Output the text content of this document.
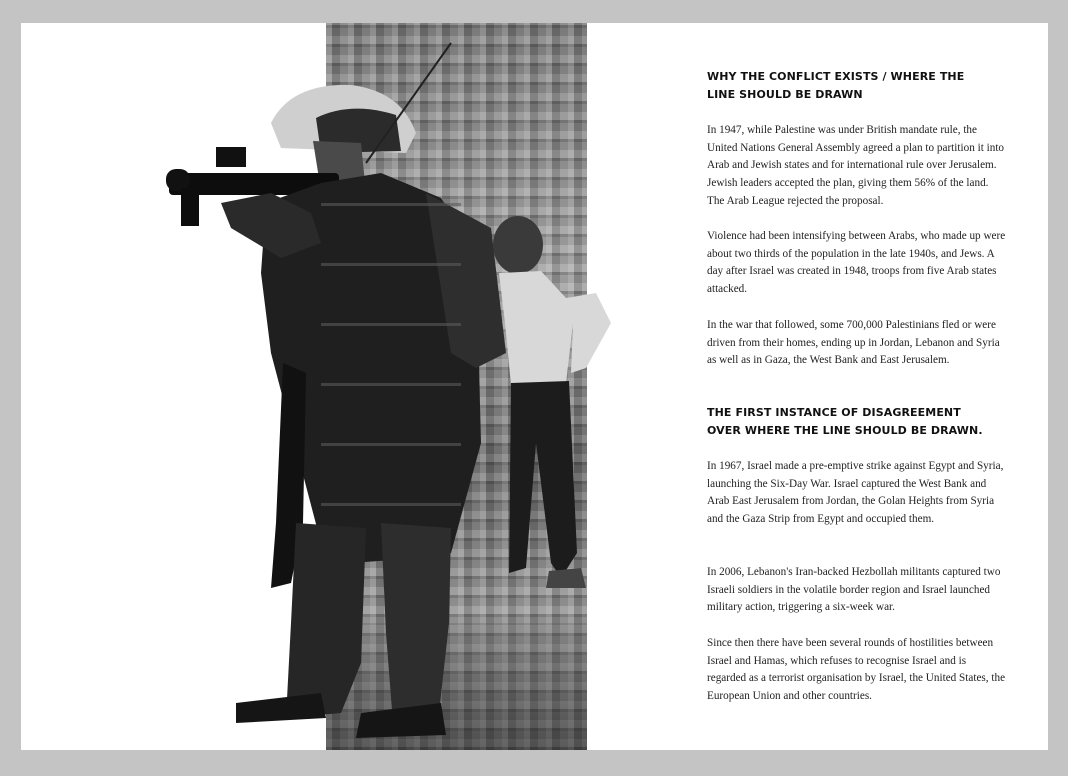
WHY THE CONFLICT EXISTS / WHERE THE LINE SHOULD BE DRAWN

In 1947, while Palestine was under British mandate rule, the United Nations General Assembly agreed a plan to partition it into Arab and Jewish states and for international rule over Jerusalem. Jewish leaders accepted the plan, giving them 56% of the land. The Arab League rejected the proposal.

Violence had been intensifying between Arabs, who made up were about two thirds of the population in the late 1940s, and Jews. A day after Israel was created in 1948, troops from five Arab states attacked.

In the war that followed, some 700,000 Palestinians fled or were driven from their homes, ending up in Jordan, Lebanon and Syria as well as in Gaza, the West Bank and East Jerusalem.

THE FIRST INSTANCE OF DISAGREEMENT OVER WHERE THE LINE SHOULD BE DRAWN.

In 1967, Israel made a pre-emptive strike against Egypt and Syria, launching the Six-Day War. Israel captured the West Bank and Arab East Jerusalem from Jordan, the Golan Heights from Syria and the Gaza Strip from Egypt and occupied them.

In 2006, Lebanon's Iran-backed Hezbollah militants captured two Israeli soldiers in the volatile border region and Israel launched military action, triggering a six-week war.

Since then there have been several rounds of hostilities between Israel and Hamas, which refuses to recognise Israel and is regarded as a terrorist organisation by Israel, the United States, the European Union and other countries.
